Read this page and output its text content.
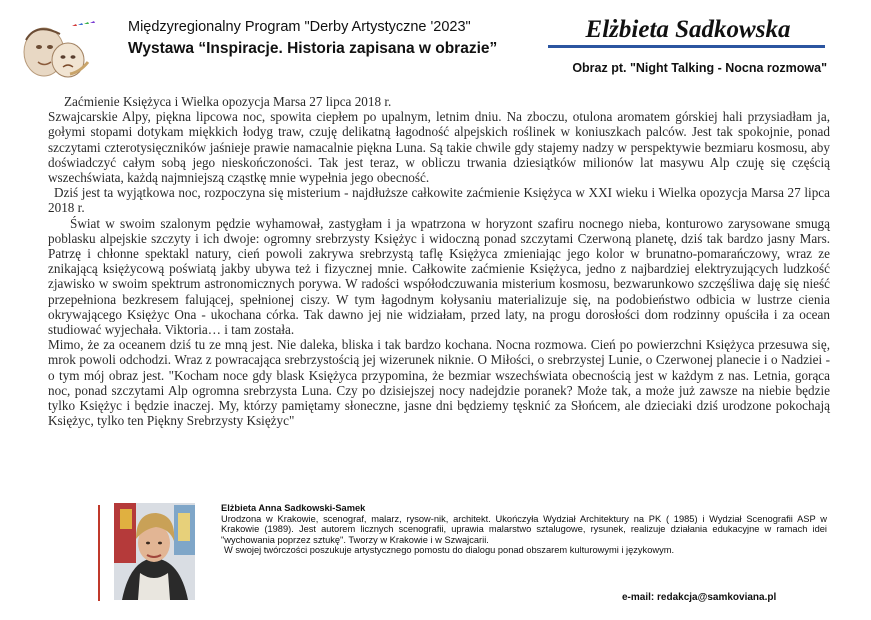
Międzyregionalny Program "Derby Artystyczne '2023"
Wystawa “Inspiracje. Historia zapisana w obrazie”
Elżbieta Sadkowska
Obraz pt. "Night Talking - Nocna rozmowa"

Zaćmienie Księżyca i Wielka opozycja Marsa 27 lipca 2018 r.

Szwajcarskie Alpy, piękna lipcowa noc, spowita ciepłem po upalnym, letnim dniu. Na zboczu, otulona aromatem górskiej hali przysiadłam ja, gołymi stopami dotykam miękkich łodyg traw, czuję delikatną łagodność alpejskich roślinek w koniuszkach palców. Jest tak spokojnie, ponad szczytami czterotysięczników jaśnieje prawie namacalnie piękna Luna. Są takie chwile gdy stajemy nadzy w perspektywie bezmiaru kosmosu, aby doświadczyć całym sobą jego nieskończoności. Tak jest teraz, w obliczu trwania dziesiątków milionów lat masywu Alp czuję się częścią wszechświata, każdą najmniejszą cząstkę mnie wypełnia jego obecność.

Dziś jest ta wyjątkowa noc, rozpoczyna się misterium - najdłuższe całkowite zaćmienie Księżyca w XXI wieku i Wielka opozycja Marsa 27 lipca 2018 r.

Świat w swoim szalonym pędzie wyhamował, zastygłam i ja wpatrzona w horyzont szafiru nocnego nieba, konturowo zarysowane smugą poblasku alpejskie szczyty i ich dwoje: ogromny srebrzysty Księżyc i widoczną ponad szczytami Czerwoną planetę, dziś tak bardzo jasny Mars. Patrzę i chłonne spektakl natury, cień powoli zakrywa srebrzystą taflę Księżyca zmieniając jego kolor w brunatno-pomarańczowy, wraz ze znikającą księżycową poświatą jakby ubywa też i fizycznej mnie. Całkowite zaćmienie Księżyca, jedno z najbardziej elektryzujących ludzkość zjawisko w swoim spektrum astronomicznych porywa. W radości współodczuwania misterium kosmosu, bezwarunkowo szczęśliwa daję się nieść przepełniona bezkresem falującej, spełnionej ciszy. W tym łagodnym kołysaniu materializuje się, na podobieństwo odbicia w lustrze cienia okrywającego Księżyc Ona - ukochana córka. Tak dawno jej nie widziałam, przed laty, na progu dorosłości dom rodzinny opuściła i za ocean studiować wyjechała. Viktoria… i tam została.

Mimo, że za oceanem dziś tu ze mną jest. Nie daleka, bliska i tak bardzo kochana. Nocna rozmowa. Cień po powierzchni Księżyca przesuwa się, mrok powoli odchodzi. Wraz z powracająca srebrzystością jej wizerunek niknie. O Miłości, o srebrzystej Lunie, o Czerwonej planecie i o Nadziei - o tym mój obraz jest. "Kocham noce gdy blask Księżyca przypomina, że bezmiar wszechświata obecnością jest w każdym z nas. Letnia, gorąca noc, ponad szczytami Alp ogromna srebrzysta Luna. Czy po dzisiejszej nocy nadejdzie poranek? Może tak, a może już zawsze na niebie będzie tylko Księżyc i będzie inaczej. My, którzy pamiętamy słoneczne, jasne dni będziemy tęsknić za Słońcem, ale dzieciaki dziś urodzone pokochają Księżyc, tylko ten Piękny Srebrzysty Księżyc"

Elżbieta Anna Sadkowski-Samek

Urodzona w Krakowie, scenograf, malarz, rysow-nik, architekt. Ukończyła Wydział Architektury na PK ( 1985) i Wydział Scenografii ASP w Krakowie (1989). Jest autorem licznych scenografii, uprawia malarstwo sztalugowe, rysunek, realizuje działania edukacyjne w ramach idei "wychowania poprzez sztukę". Tworzy w Krakowie i w Szwajcarii.

W swojej twórczości poszukuje artystycznego pomostu do dialogu ponad obszarem kulturowymi i językowym.

e-mail: redakcja@samkoviana.pl
